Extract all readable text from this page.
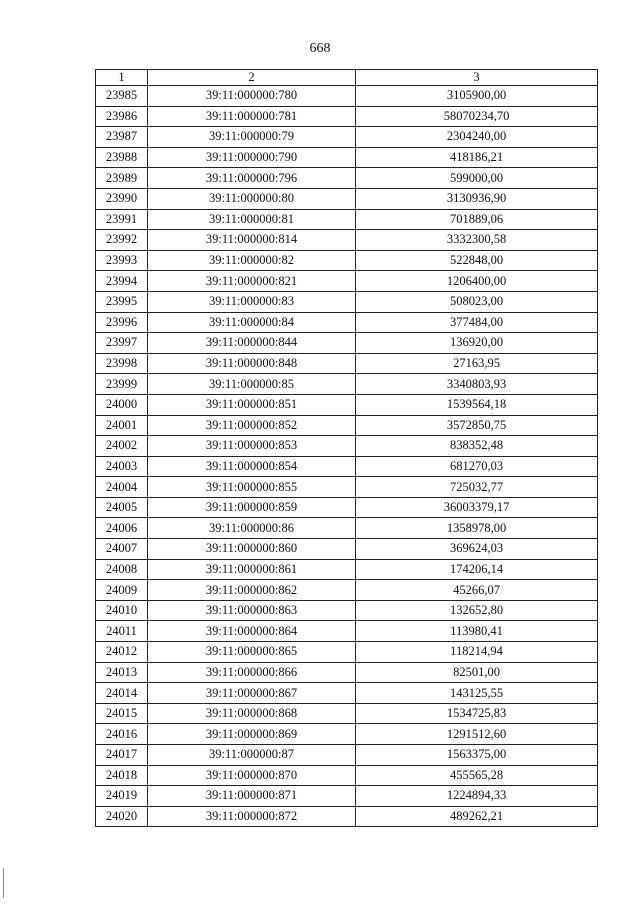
668
1	2	3
23985	39:11:000000:780	3105900,00
23986	39:11:000000:781	58070234,70
23987	39:11:000000:79	2304240,00
23988	39:11:000000:790	418186,21
23989	39:11:000000:796	599000,00
23990	39:11:000000:80	3130936,90
23991	39:11:000000:81	701889,06
23992	39:11:000000:814	3332300,58
23993	39:11:000000:82	522848,00
23994	39:11:000000:821	1206400,00
23995	39:11:000000:83	508023,00
23996	39:11:000000:84	377484,00
23997	39:11:000000:844	136920,00
23998	39:11:000000:848	27163,95
23999	39:11:000000:85	3340803,93
24000	39:11:000000:851	1539564,18
24001	39:11:000000:852	3572850,75
24002	39:11:000000:853	838352,48
24003	39:11:000000:854	681270,03
24004	39:11:000000:855	725032,77
24005	39:11:000000:859	36003379,17
24006	39:11:000000:86	1358978,00
24007	39:11:000000:860	369624,03
24008	39:11:000000:861	174206,14
24009	39:11:000000:862	45266,07
24010	39:11:000000:863	132652,80
24011	39:11:000000:864	113980,41
24012	39:11:000000:865	118214,94
24013	39:11:000000:866	82501,00
24014	39:11:000000:867	143125,55
24015	39:11:000000:868	1534725,83
24016	39:11:000000:869	1291512,60
24017	39:11:000000:87	1563375,00
24018	39:11:000000:870	455565,28
24019	39:11:000000:871	1224894,33
24020	39:11:000000:872	489262,21
